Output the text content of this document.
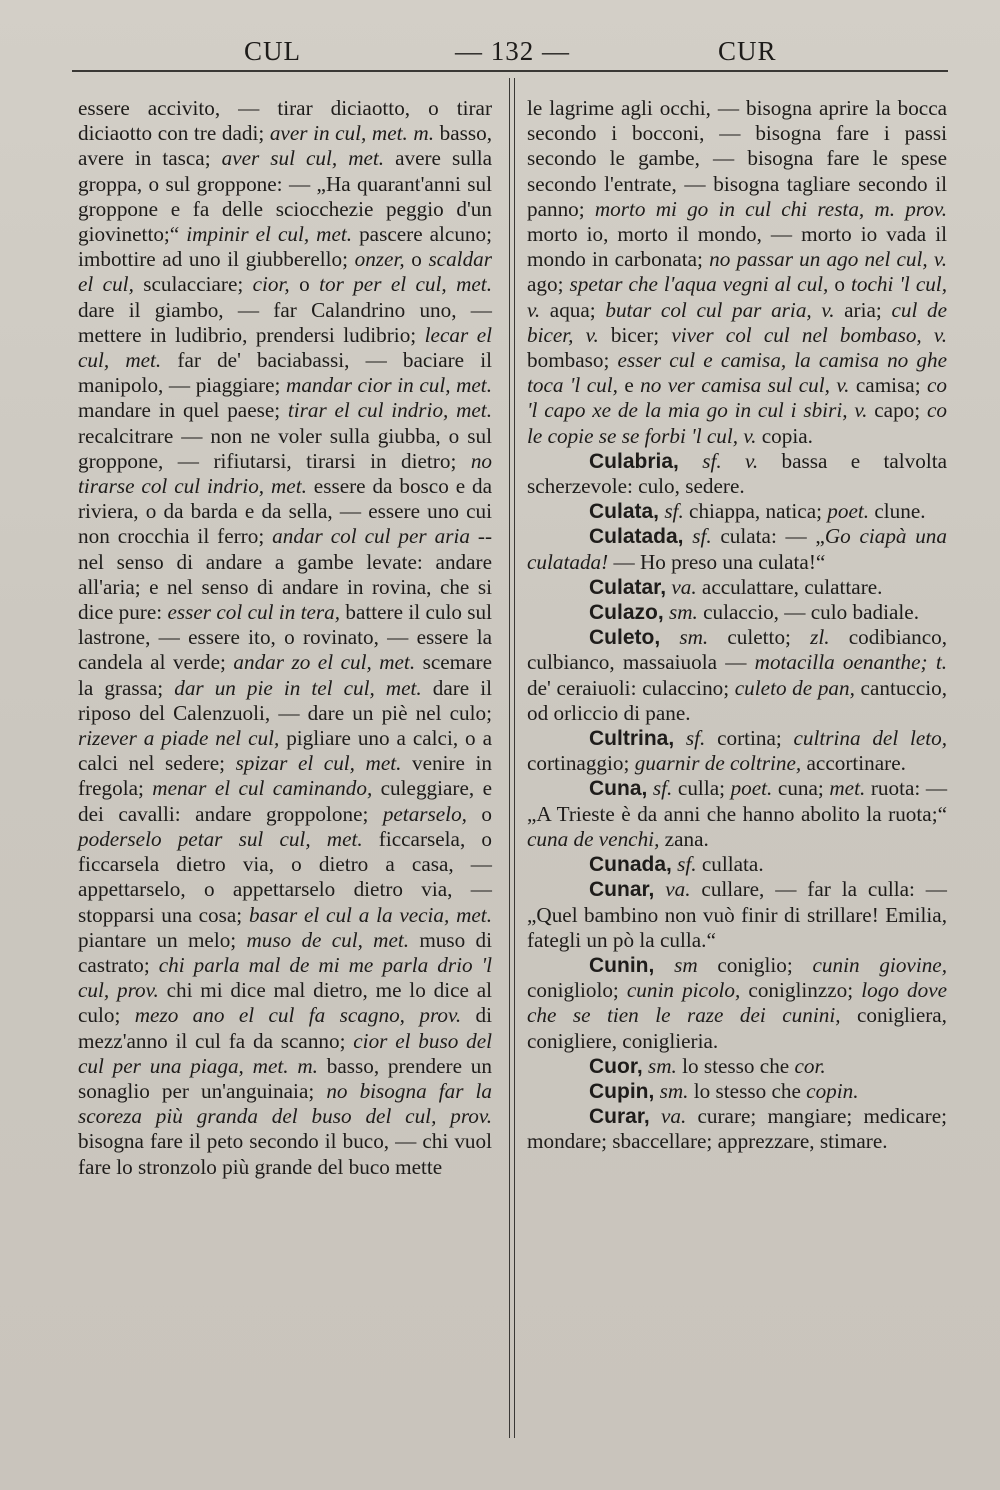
CUL	— 132 —	CUR

essere accivito, — tirar diciaotto, o tirar diciaotto con tre dadi; aver in cul, met. m. basso, avere in tasca; aver sul cul, met. avere sulla groppa, o sul groppone: — „Ha quarant'anni sul groppone e fa delle sciocchezie peggio d'un giovinetto;“ impinir el cul, met. pascere alcuno; imbottire ad uno il giubberello; onzer, o scaldar el cul, sculacciare; cior, o tor per el cul, met. dare il giambo, — far Calandrino uno, — mettere in ludibrio, prendersi ludibrio; lecar el cul, met. far de' baciabassi, — baciare il manipolo, — piaggiare; mandar cior in cul, met. mandare in quel paese; tirar el cul indrio, met. recalcitrare — non ne voler sulla giubba, o sul groppone, — rifiutarsi, tirarsi in dietro; no tirarse col cul indrio, met. essere da bosco e da riviera, o da barda e da sella, — essere uno cui non crocchia il ferro; andar col cul per aria -- nel senso di andare a gambe levate: andare all'aria; e nel senso di andare in rovina, che si dice pure: esser col cul in tera, battere il culo sul lastrone, — essere ito, o rovinato, — essere la candela al verde; andar zo el cul, met. scemare la grassa; dar un pie in tel cul, met. dare il riposo del Calenzuoli, — dare un piè nel culo; rizever a piade nel cul, pigliare uno a calci, o a calci nel sedere; spizar el cul, met. venire in fregola; menar el cul caminando, culeggiare, e dei cavalli: andare groppolone; petarselo, o poderselo petar sul cul, met. ficcarsela, o ficcarsela dietro via, o dietro a casa, — appettarselo, o appettarselo dietro via, — stopparsi una cosa; basar el cul a la vecia, met. piantare un melo; muso de cul, met. muso di castrato; chi parla mal de mi me parla drio 'l cul, prov. chi mi dice mal dietro, me lo dice al culo; mezo ano el cul fa scagno, prov. di mezz'anno il cul fa da scanno; cior el buso del cul per una piaga, met. m. basso, prendere un sonaglio per un'anguinaia; no bisogna far la scoreza più granda del buso del cul, prov. bisogna fare il peto secondo il buco, — chi vuol fare lo stronzolo più grande del buco mette

le lagrime agli occhi, — bisogna aprire la bocca secondo i bocconi, — bisogna fare i passi secondo le gambe, — bisogna fare le spese secondo l'entrate, — bisogna tagliare secondo il panno; morto mi go in cul chi resta, m. prov. morto io, morto il mondo, — morto io vada il mondo in carbonata; no passar un ago nel cul, v. ago; spetar che l'aqua vegni al cul, o tochi 'l cul, v. aqua; butar col cul par aria, v. aria; cul de bicer, v. bicer; viver col cul nel bombaso, v. bombaso; esser cul e camisa, la camisa no ghe toca 'l cul, e no ver camisa sul cul, v. camisa; co 'l capo xe de la mia go in cul i sbiri, v. capo; co le copie se se forbi 'l cul, v. copia.

Culabria, sf. v. bassa e talvolta scherzevole: culo, sedere.

Culata, sf. chiappa, natica; poet. clune.

Culatada, sf. culata: — „Go ciapà una culatada! — Ho preso una culata!“

Culatar, va. acculattare, culattare.

Culazo, sm. culaccio, — culo badiale.

Culeto, sm. culetto; zl. codibianco, culbianco, massaiuola — motacilla oenanthe; t. de' ceraiuoli: culaccino; culeto de pan, cantuccio, od orliccio di pane.

Cultrina, sf. cortina; cultrina del leto, cortinaggio; guarnir de coltrine, accortinare.

Cuna, sf. culla; poet. cuna; met. ruota: — „A Trieste è da anni che hanno abolito la ruota;“ cuna de venchi, zana.

Cunada, sf. cullata.

Cunar, va. cullare, — far la culla: — „Quel bambino non vuò finir di strillare! Emilia, fategli un pò la culla.“

Cunin, sm coniglio; cunin giovine, conigliolo; cunin picolo, coniglinzzo; logo dove che se tien le raze dei cunini, conigliera, conigliere, coniglieria.

Cuor, sm. lo stesso che cor.

Cupin, sm. lo stesso che copin.

Curar, va. curare; mangiare; medicare; mondare; sbaccellare; apprezzare, stimare.
